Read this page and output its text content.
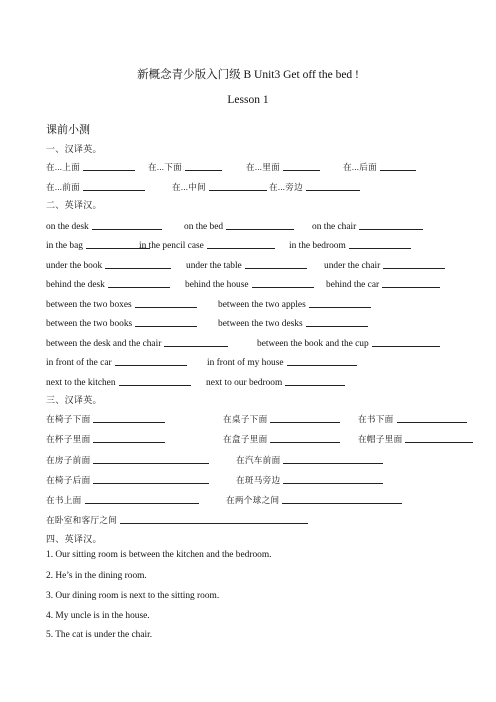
新概念青少版入门级 B Unit3 Get off the bed !
Lesson 1
课前小测
一、汉译英。
在...上面	在...下面	在...里面	在...后面
在...前面	在...中间	在...旁边
二、英译汉。
on the desk	on the bed	on the chair
in the bag	in the pencil case	in the bedroom
under the book	under the table	under the chair
behind the desk	behind the house	behind the car
between the two boxes	between the two apples
between the two books	between the two desks
between the desk and the chair	between the book and the cup
in front of the car	in front of my house
next to the kitchen	next to our bedroom
三、汉译英。
在椅子下面	在桌子下面	在书下面
在杯子里面	在盒子里面	在帽子里面
在房子前面	在汽车前面
在椅子后面	在斑马旁边
在书上面	在两个球之间
在卧室和客厅之间
四、英译汉。
1. Our sitting room is between the kitchen and the bedroom.
2. He’s in the dining room.
3. Our dining room is next to the sitting room.
4. My uncle is in the house.
5. The cat is under the chair.
